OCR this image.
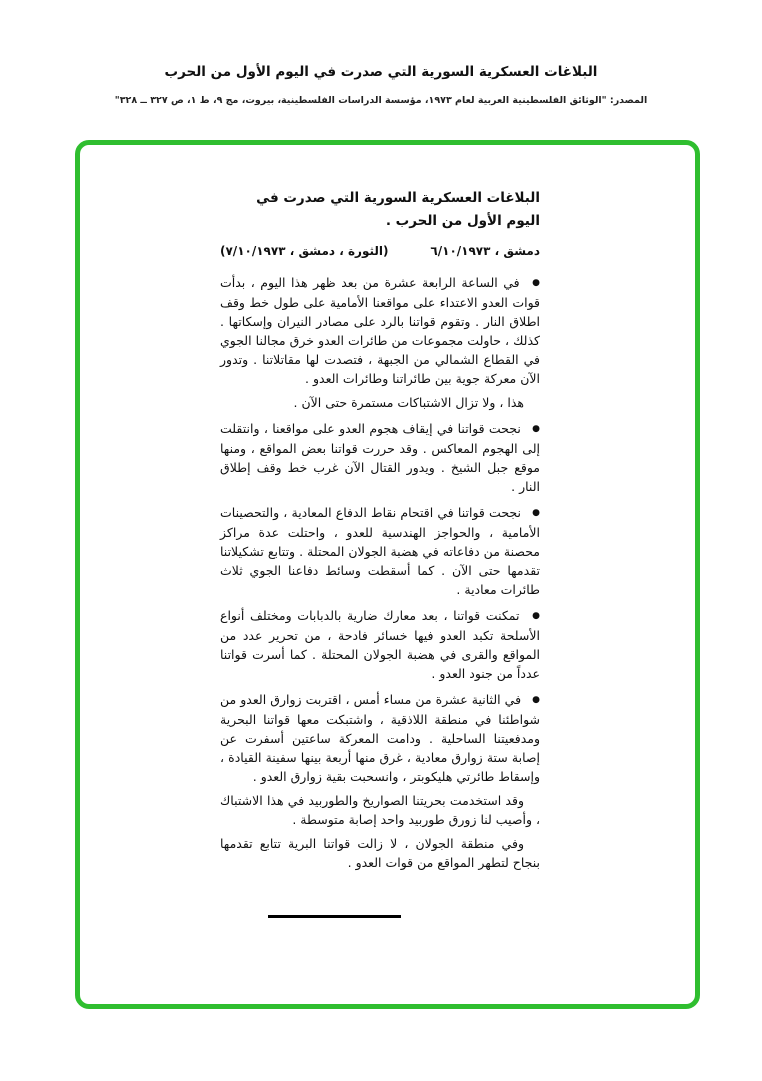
البلاغات العسكرية السورية التي صدرت في اليوم الأول من الحرب
المصدر: "الوثائق الفلسطينية العربية لعام ١٩٧٣، مؤسسة الدراسات الفلسطينية، بيروت، مج ٩، ط ١، ص ٣٢٧ ــ ٣٢٨"
البلاغات العسكرية السورية التي صدرت في اليوم الأول من الحرب .
دمشق ، ٦/١٠/١٩٧٣
(الثورة ، دمشق ، ٧/١٠/١٩٧٣)

● في الساعة الرابعة عشرة من بعد ظهر هذا اليوم ، بدأت قوات العدو الاعتداء على مواقعنا الأمامية على طول خط وقف اطلاق النار . وتقوم قواتنا بالرد على مصادر النيران وإسكاتها . كذلك ، حاولت مجموعات من طائرات العدو خرق مجالنا الجوي في القطاع الشمالي من الجبهة ، فتصدت لها مقاتلاتنا . وتدور الآن معركة جوية بين طائراتنا وطائرات العدو .

هذا ، ولا تزال الاشتباكات مستمرة حتى الآن .

● نجحت قواتنا في إيقاف هجوم العدو على مواقعنا ، وانتقلت إلى الهجوم المعاكس . وقد حررت قواتنا بعض المواقع ، ومنها موقع جبل الشيخ . ويدور القتال الآن غرب خط وقف إطلاق النار .

● نجحت قواتنا في اقتحام نقاط الدفاع المعادية ، والتحصينات الأمامية ، والحواجز الهندسية للعدو ، واحتلت عدة مراكز محصنة من دفاعاته في هضبة الجولان المحتلة . وتتابع تشكيلاتنا تقدمها حتى الآن . كما أسقطت وسائط دفاعنا الجوي ثلاث طائرات معادية .

● تمكنت قواتنا ، بعد معارك ضارية بالدبابات ومختلف أنواع الأسلحة تكبد العدو فيها خسائر فادحة ، من تحرير عدد من المواقع والقرى في هضبة الجولان المحتلة . كما أسرت قواتنا عدداً من جنود العدو .

● في الثانية عشرة من مساء أمس ، اقتربت زوارق العدو من شواطئنا في منطقة اللاذقية ، واشتبكت معها قواتنا البحرية ومدفعيتنا الساحلية . ودامت المعركة ساعتين أسفرت عن إصابة ستة زوارق معادية ، غرق منها أربعة بينها سفينة القيادة ، وإسقاط طائرتي هليكوبتر ، وانسحبت بقية زوارق العدو .

وقد استخدمت بحريتنا الصواريخ والطوربيد في هذا الاشتباك ، وأصيب لنا زورق طوربيد واحد إصابة متوسطة .

وفي منطقة الجولان ، لا زالت قواتنا البرية تتابع تقدمها بنجاح لتطهر المواقع من قوات العدو .
